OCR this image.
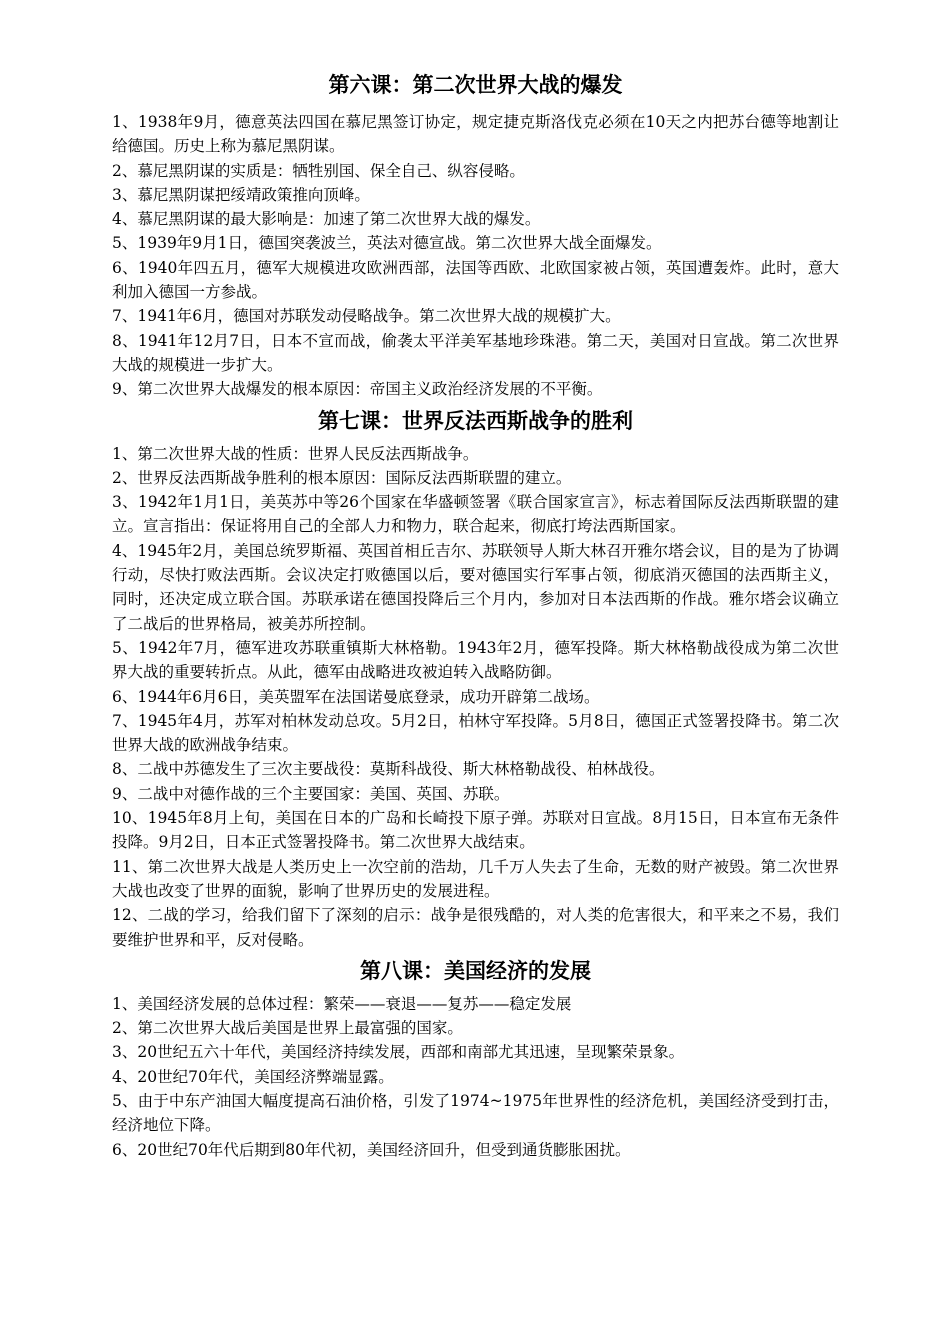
第六课：第二次世界大战的爆发

1、1938年9月，德意英法四国在慕尼黑签订协定，规定捷克斯洛伐克必须在10天之内把苏台德等地割让给德国。历史上称为慕尼黑阴谋。

2、慕尼黑阴谋的实质是：牺牲别国、保全自己、纵容侵略。

3、慕尼黑阴谋把绥靖政策推向顶峰。

4、慕尼黑阴谋的最大影响是：加速了第二次世界大战的爆发。

5、1939年9月1日，德国突袭波兰，英法对德宣战。第二次世界大战全面爆发。

6、1940年四五月，德军大规模进攻欧洲西部，法国等西欧、北欧国家被占领，英国遭轰炸。此时，意大利加入德国一方参战。

7、1941年6月，德国对苏联发动侵略战争。第二次世界大战的规模扩大。

8、1941年12月7日，日本不宣而战，偷袭太平洋美军基地珍珠港。第二天，美国对日宣战。第二次世界大战的规模进一步扩大。

9、第二次世界大战爆发的根本原因：帝国主义政治经济发展的不平衡。

第七课：世界反法西斯战争的胜利

1、第二次世界大战的性质：世界人民反法西斯战争。

2、世界反法西斯战争胜利的根本原因：国际反法西斯联盟的建立。

3、1942年1月1日，美英苏中等26个国家在华盛顿签署《联合国家宣言》，标志着国际反法西斯联盟的建立。宣言指出：保证将用自己的全部人力和物力，联合起来，彻底打垮法西斯国家。

4、1945年2月，美国总统罗斯福、英国首相丘吉尔、苏联领导人斯大林召开雅尔塔会议，目的是为了协调行动，尽快打败法西斯。会议决定打败德国以后，要对德国实行军事占领，彻底消灭德国的法西斯主义，同时，还决定成立联合国。苏联承诺在德国投降后三个月内，参加对日本法西斯的作战。雅尔塔会议确立了二战后的世界格局，被美苏所控制。

5、1942年7月，德军进攻苏联重镇斯大林格勒。1943年2月，德军投降。斯大林格勒战役成为第二次世界大战的重要转折点。从此，德军由战略进攻被迫转入战略防御。

6、1944年6月6日，美英盟军在法国诺曼底登录，成功开辟第二战场。

7、1945年4月，苏军对柏林发动总攻。5月2日，柏林守军投降。5月8日，德国正式签署投降书。第二次世界大战的欧洲战争结束。

8、二战中苏德发生了三次主要战役：莫斯科战役、斯大林格勒战役、柏林战役。

9、二战中对德作战的三个主要国家：美国、英国、苏联。

10、1945年8月上旬，美国在日本的广岛和长崎投下原子弹。苏联对日宣战。8月15日，日本宣布无条件投降。9月2日，日本正式签署投降书。第二次世界大战结束。

11、第二次世界大战是人类历史上一次空前的浩劫，几千万人失去了生命，无数的财产被毁。第二次世界大战也改变了世界的面貌，影响了世界历史的发展进程。

12、二战的学习，给我们留下了深刻的启示：战争是很残酷的，对人类的危害很大，和平来之不易，我们要维护世界和平，反对侵略。

第八课：美国经济的发展

1、美国经济发展的总体过程：繁荣——衰退——复苏——稳定发展

2、第二次世界大战后美国是世界上最富强的国家。

3、20世纪五六十年代，美国经济持续发展，西部和南部尤其迅速，呈现繁荣景象。

4、20世纪70年代，美国经济弊端显露。

5、由于中东产油国大幅度提高石油价格，引发了1974~1975年世界性的经济危机，美国经济受到打击，经济地位下降。

6、20世纪70年代后期到80年代初，美国经济回升，但受到通货膨胀困扰。
